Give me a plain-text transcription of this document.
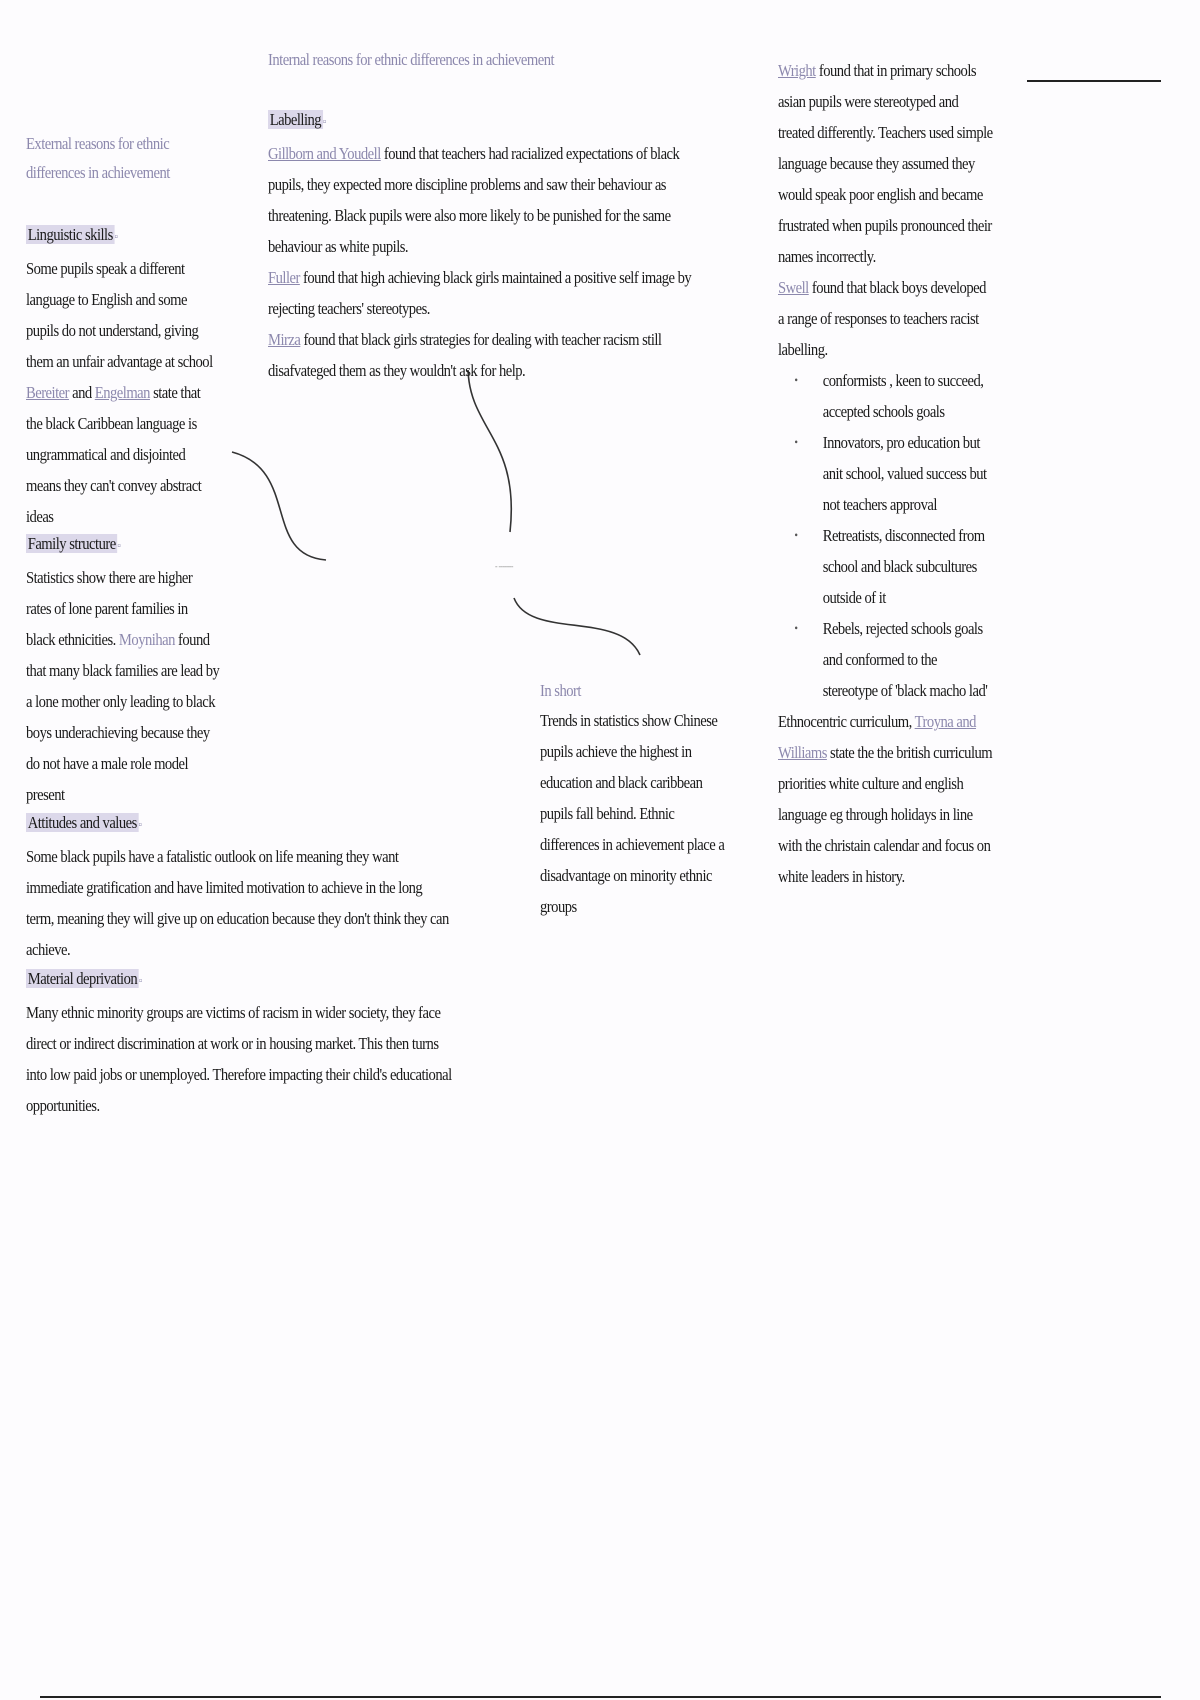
Internal reasons for ethnic differences in achievement
External reasons for ethnic differences in achievement

Linguistic skills ▫

Some pupils speak a different language to English and some pupils do not understand, giving them an unfair advantage at school Bereiter and Engelman state that the black Caribbean language is ungrammatical and disjointed means they can't convey abstract ideas

Family structure ▫

Statistics show there are higher rates of lone parent families in black ethnicities. Moynihan found that many black families are lead by a lone mother only leading to black boys underachieving because they do not have a male role model present

Attitudes and values ▫

Some black pupils have a fatalistic outlook on life meaning they want immediate gratification and have limited motivation to achieve in the long term, meaning they will give up on education because they don't think they can achieve.

Material deprivation ▫

Many ethnic minority groups are victims of racism in wider society, they face direct or indirect discrimination at work or in housing market. This then turns into low paid jobs or unemployed. Therefore impacting their child's educational opportunities.

Labelling ▫

Gillborn and Youdell found that teachers had racialized expectations of black pupils, they expected more discipline problems and saw their behaviour as threatening. Black pupils were also more likely to be punished for the same behaviour as white pupils.

Fuller found that high achieving black girls maintained a positive self image by rejecting teachers' stereotypes.

Mirza found that black girls strategies for dealing with teacher racism still disafvateged them as they wouldn't ask for help.

- -------

In short

Trends in statistics show Chinese pupils achieve the highest in education and black caribbean pupils fall behind. Ethnic differences in achievement place a disadvantage on minority ethnic groups

Wright found that in primary schools asian pupils were stereotyped and treated differently. Teachers used simple language because they assumed they would speak poor english and became frustrated when pupils pronounced their names incorrectly.

Swell found that black boys developed a range of responses to teachers racist labelling.

• conformists , keen to succeed, accepted schools goals
• Innovators, pro education but anit school, valued success but not teachers approval
• Retreatists, disconnected from school and black subcultures outside of it
• Rebels, rejected schools goals and conformed to the stereotype of 'black macho lad'

Ethnocentric curriculum, Troyna and
Williams state the the british curriculum priorities white culture and english language eg through holidays in line with the christain calendar and focus on white leaders in history.
